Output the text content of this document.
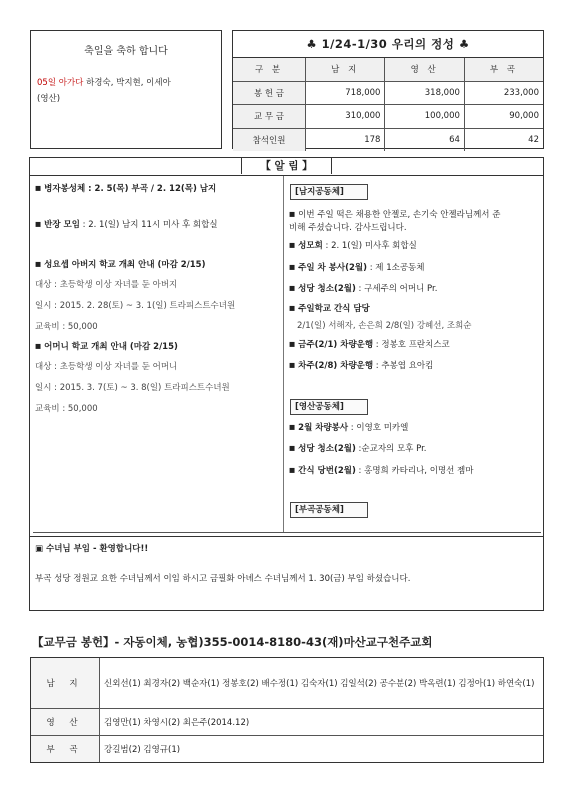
축일을 축하 합니다
05일 아가다 하경숙, 박지현, 이세아
(영산)
♣ 1/24-1/30 우리의 정성 ♣
구 분	남 지	영 산	부 곡
봉 헌 금	718,000	318,000	233,000
교 무 금	310,000	100,000	90,000
참석인원	178	64	42
【 알 림 】
■ 병자봉성체 : 2. 5(목) 부곡 / 2. 12(목) 남지
■ 반장 모임 : 2. 1(일) 남지 11시 미사 후 회합실
■ 성요셉 아버지 학교 개최 안내 (마감 2/15)
대상 : 초등학생 이상 자녀를 둔 아버지
일시 : 2015. 2. 28(토) ~ 3. 1(일) 트라피스트수녀원
교육비 : 50,000
■ 어머니 학교 개최 안내 (마감 2/15)
대상 : 초등학생 이상 자녀를 둔 어머니
일시 : 2015. 3. 7(토) ~ 3. 8(일) 트라피스트수녀원
교육비 : 50,000
[남지공동체]
■ 이번 주일 떡은 채용한 안젤로, 손기숙 안젤라님께서 준
비해 주셨습니다. 감사드립니다.
■ 성모회 : 2. 1(일) 미사후 회합실
■ 주일 차 봉사(2월) : 제 1소공동체
■ 성당 청소(2월) : 구세주의 어머니 Pr.
■ 주일학교 간식 담당
2/1(일) 서해자, 손은희 2/8(일) 강혜선, 조희순
■ 금주(2/1) 차량운행 : 정봉호 프란치스코
■ 차주(2/8) 차량운행 : 추봉엽 요아킴
[영산공동체]
■ 2월 차량봉사 : 이영호 미카엘
■ 성당 청소(2월) :순교자의 모후 Pr.
■ 간식 당번(2월) : 홍명희 카타리나, 이명선 젬마
[부곡공동체]
▣ 수녀님 부임 - 환영합니다!!
부곡 성당 정원교 요한 수녀님께서 이임 하시고 금필화 아녜스 수녀님께서 1. 30(금) 부임 하셨습니다.
【교무금 봉헌】- 자동이체, 농협)355-0014-8180-43(재)마산교구천주교회
남 지	신외선(1) 최경자(2) 백순자(1) 정봉호(2) 배수정(1) 김숙자(1) 김일석(2) 공수분(2) 박옥련(1) 김정아(1) 하연숙(1)
영 산	김영만(1) 차영시(2) 최은주(2014.12)
부 곡	강길범(2) 김영규(1)
